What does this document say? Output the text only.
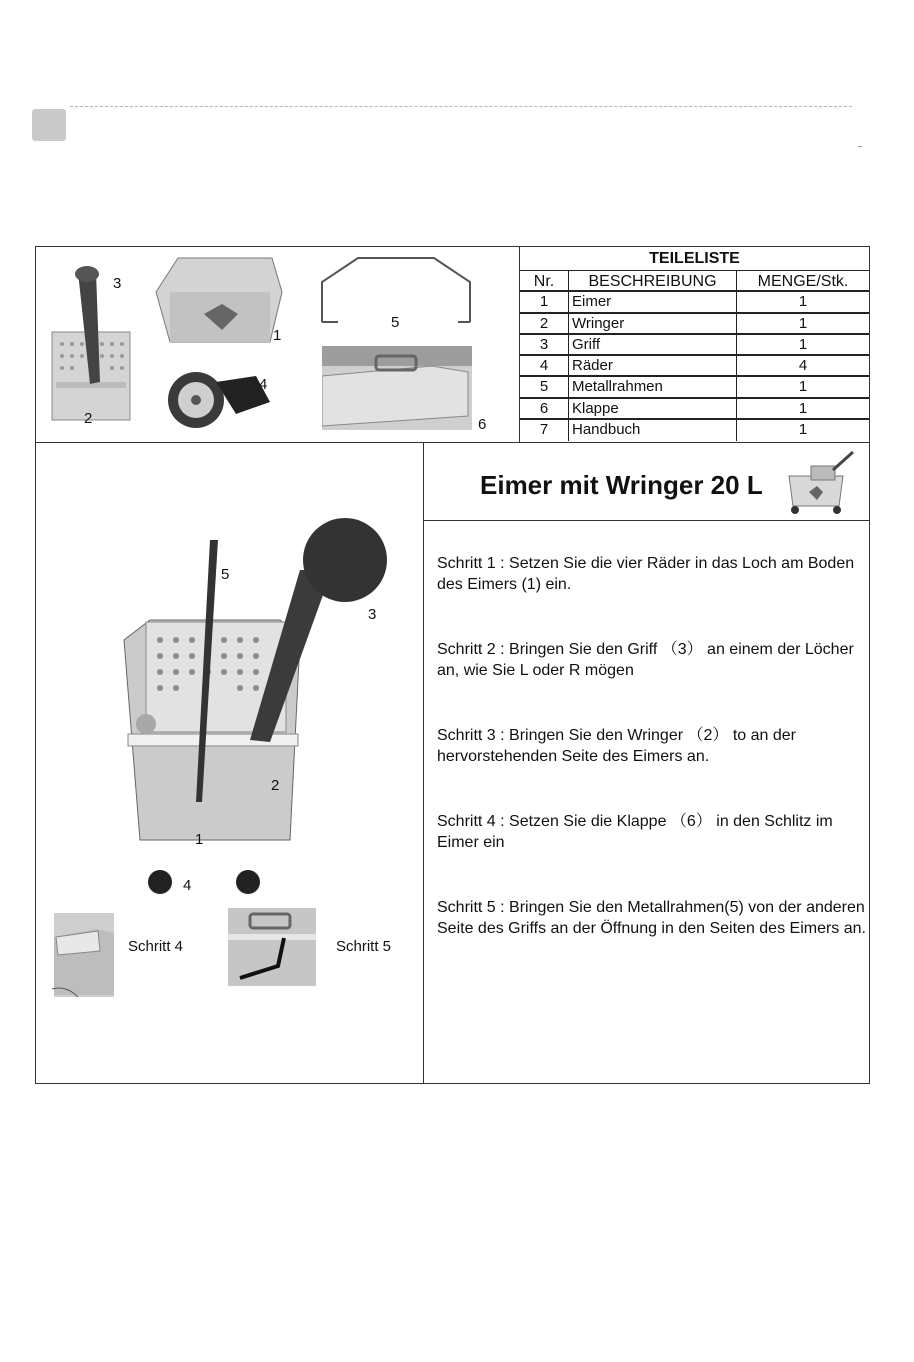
TEILELISTE
Nr.	BESCHREIBUNG	MENGE/Stk.
1	Eimer	1
2	Wringer	1
3	Griff	1
4	Räder	4
5	Metallrahmen	1
6	Klappe	1
7	Handbuch	1
3
2
1
5
4
6
Eimer mit Wringer 20 L
5
3
2
1
4
Schritt 4	Schritt 5
Schritt 1 : Setzen Sie die vier Räder in das Loch am Boden des Eimers (1) ein.
Schritt 2 : Bringen Sie den Griff （3） an einem der Löcher an, wie Sie L oder R mögen
Schritt 3 : Bringen Sie den Wringer （2） to an der hervorstehenden Seite des Eimers an.
Schritt 4 : Setzen Sie die Klappe （6） in den Schlitz im Eimer ein
Schritt 5 : Bringen Sie den Metallrahmen(5) von der anderen Seite des Griffs an der Öffnung in den Seiten des Eimers an.
